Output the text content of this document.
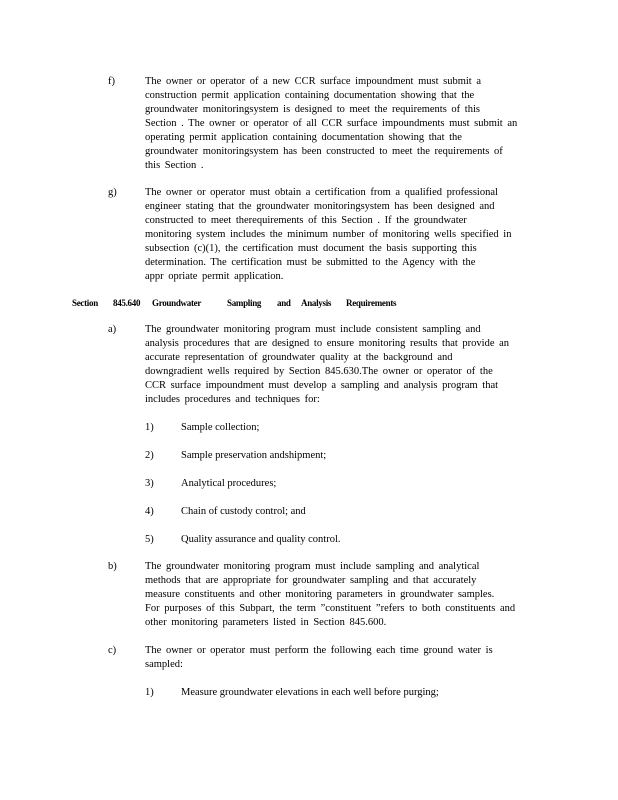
f)	The owner or operator of a new CCR surface impoundment must submit a
construction permit application containing documentation showing that the
groundwater monitoringsystem is designed to meet the requirements of this
Section . The owner or operator of all CCR surface impoundments must submit an
operating permit application containing documentation showing that the
groundwater monitoringsystem has been constructed to meet the requirements of
this Section .
g)	The owner or operator must obtain a certification from a qualified professional
engineer stating that the groundwater monitoringsystem has been designed and
constructed to meet therequirements of this Section . If the groundwater
monitoring system includes the minimum number of monitoring wells specified in
subsection (c)(1), the certification must document the basis supporting this
determination. The certification must be submitted to the Agency with the
appr opriate permit application.
Section 845.640 Groundwater	Sampling and Analysis Requirements
a)	The groundwater monitoring program must include consistent sampling and
analysis procedures that are designed to ensure monitoring results that provide an
accurate representation of groundwater quality at the background and
downgradient wells required by Section 845.630.The owner or operator of the
CCR surface impoundment must develop a sampling and analysis program that
includes procedures and techniques for:
1)	Sample collection;
2)	Sample preservation andshipment;
3)	Analytical procedures;
4)	Chain of custody control; and
5)	Quality assurance and quality control.
b)	The groundwater monitoring program must include sampling and analytical
methods that are appropriate for groundwater sampling and that accurately
measure constituents and other monitoring parameters in groundwater samples.
For purposes of this Subpart, the term ”constituent ”refers to both constituents and
other monitoring parameters listed in Section 845.600.
c)	The owner or operator must perform the following each time ground water is
sampled:
1)	Measure groundwater elevations in each well before purging;
